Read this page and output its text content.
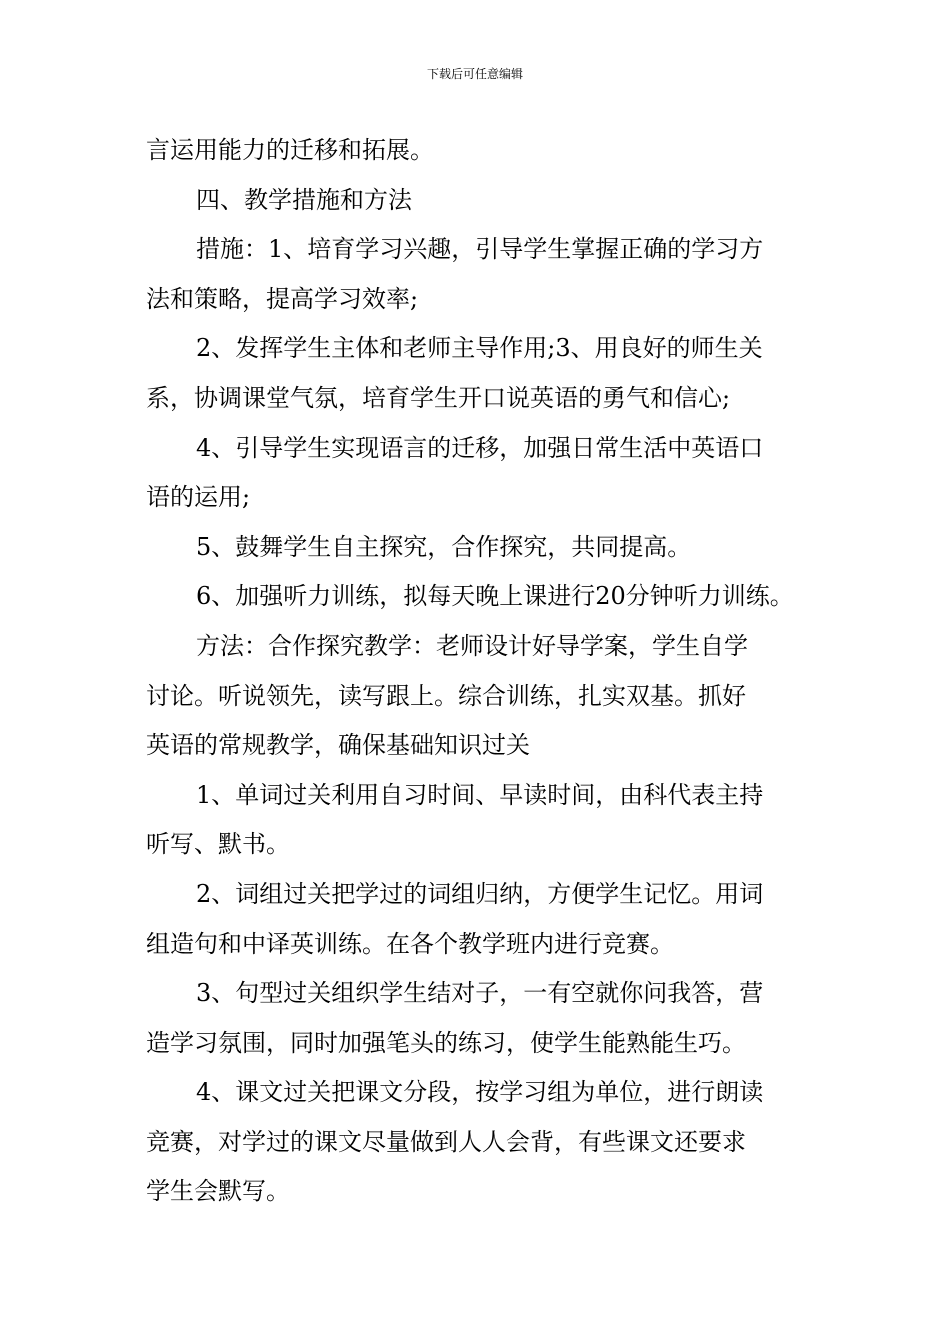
下载后可任意编辑
言运用能力的迁移和拓展。
四、教学措施和方法
措施：1、培育学习兴趣，引导学生掌握正确的学习方
法和策略，提高学习效率;
2、发挥学生主体和老师主导作用;3、用良好的师生关
系，协调课堂气氛，培育学生开口说英语的勇气和信心;
4、引导学生实现语言的迁移，加强日常生活中英语口
语的运用;
5、鼓舞学生自主探究，合作探究，共同提高。
6、加强听力训练，拟每天晚上课进行20分钟听力训练。
方法：合作探究教学：老师设计好导学案，学生自学
讨论。听说领先，读写跟上。综合训练，扎实双基。抓好
英语的常规教学，确保基础知识过关
1、单词过关利用自习时间、早读时间，由科代表主持
听写、默书。
2、词组过关把学过的词组归纳，方便学生记忆。用词
组造句和中译英训练。在各个教学班内进行竞赛。
3、句型过关组织学生结对子，一有空就你问我答，营
造学习氛围，同时加强笔头的练习，使学生能熟能生巧。
4、课文过关把课文分段，按学习组为单位，进行朗读
竞赛，对学过的课文尽量做到人人会背，有些课文还要求
学生会默写。
